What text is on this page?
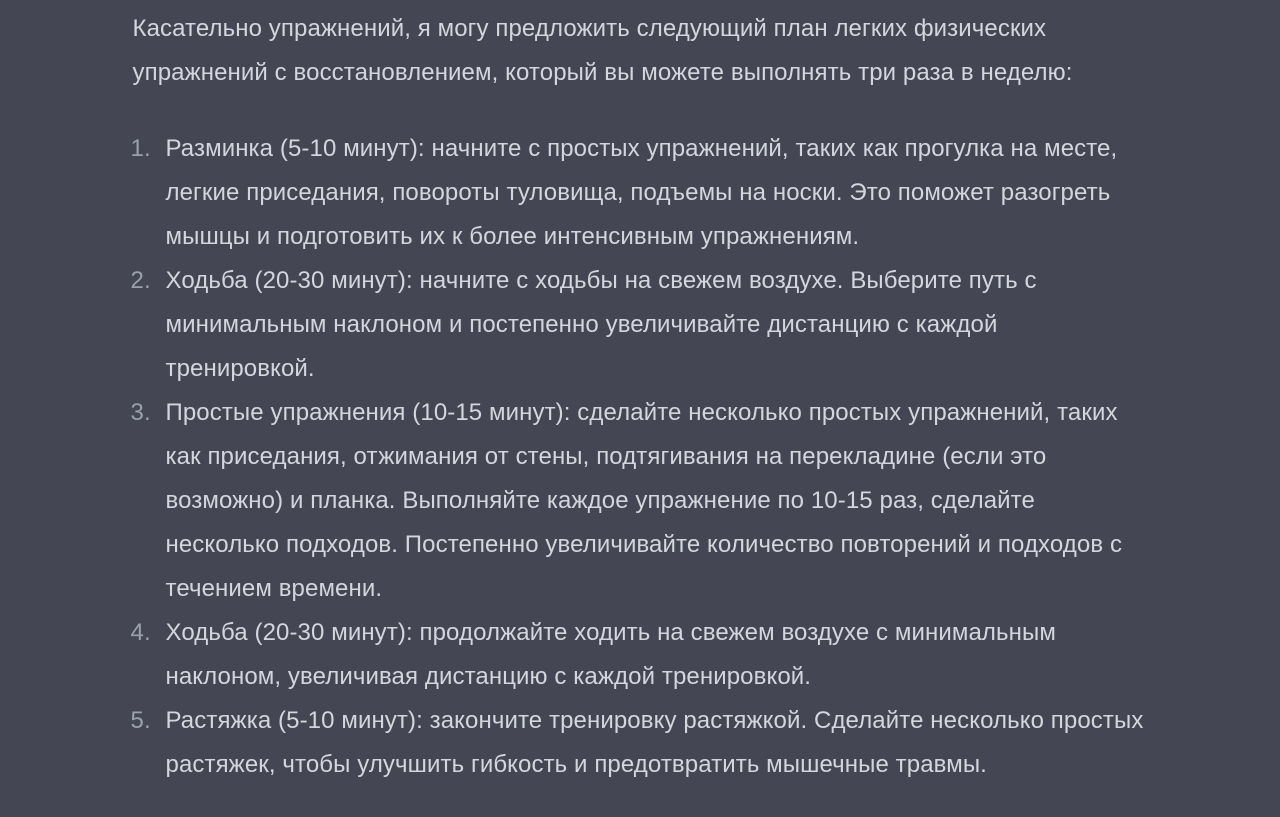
Касательно упражнений, я могу предложить следующий план легких физических упражнений с восстановлением, который вы можете выполнять три раза в неделю:

1. Разминка (5-10 минут): начните с простых упражнений, таких как прогулка на месте, легкие приседания, повороты туловища, подъемы на носки. Это поможет разогреть мышцы и подготовить их к более интенсивным упражнениям.
2. Ходьба (20-30 минут): начните с ходьбы на свежем воздухе. Выберите путь с минимальным наклоном и постепенно увеличивайте дистанцию с каждой тренировкой.
3. Простые упражнения (10-15 минут): сделайте несколько простых упражнений, таких как приседания, отжимания от стены, подтягивания на перекладине (если это возможно) и планка. Выполняйте каждое упражнение по 10-15 раз, сделайте несколько подходов. Постепенно увеличивайте количество повторений и подходов с течением времени.
4. Ходьба (20-30 минут): продолжайте ходить на свежем воздухе с минимальным наклоном, увеличивая дистанцию с каждой тренировкой.
5. Растяжка (5-10 минут): закончите тренировку растяжкой. Сделайте несколько простых растяжек, чтобы улучшить гибкость и предотвратить мышечные травмы.
